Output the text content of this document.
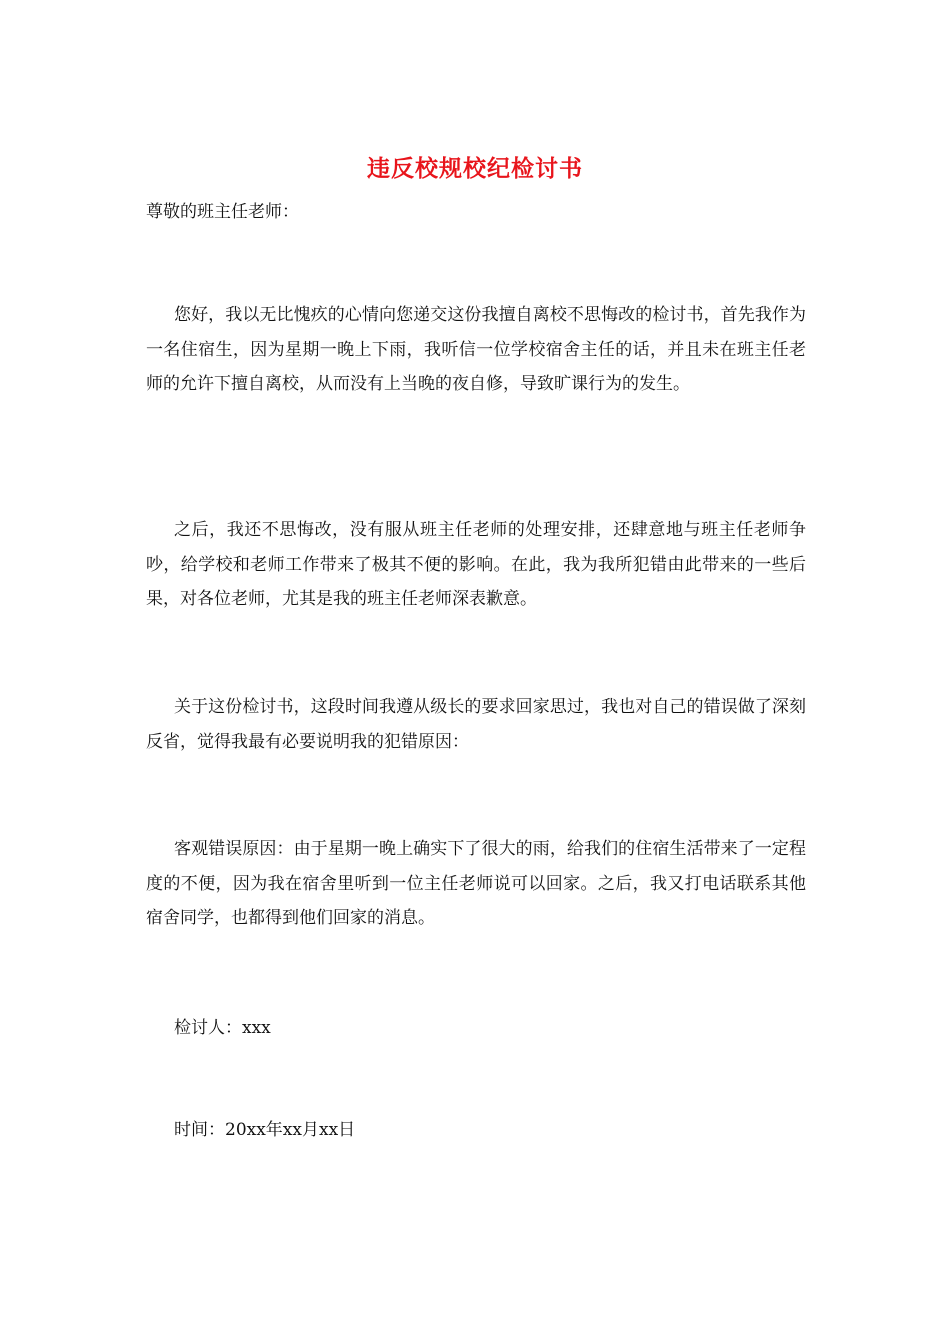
违反校规校纪检讨书
尊敬的班主任老师：
您好，我以无比愧疚的心情向您递交这份我擅自离校不思悔改的检讨书，首先我作为一名住宿生，因为星期一晚上下雨，我听信一位学校宿舍主任的话，并且未在班主任老师的允许下擅自离校，从而没有上当晚的夜自修，导致旷课行为的发生。
之后，我还不思悔改，没有服从班主任老师的处理安排，还肆意地与班主任老师争吵，给学校和老师工作带来了极其不便的影响。在此，我为我所犯错由此带来的一些后果，对各位老师，尤其是我的班主任老师深表歉意。
关于这份检讨书，这段时间我遵从级长的要求回家思过，我也对自己的错误做了深刻反省，觉得我最有必要说明我的犯错原因：
客观错误原因：由于星期一晚上确实下了很大的雨，给我们的住宿生活带来了一定程度的不便，因为我在宿舍里听到一位主任老师说可以回家。之后，我又打电话联系其他宿舍同学，也都得到他们回家的消息。
检讨人：xxx
时间：20xx年xx月xx日
